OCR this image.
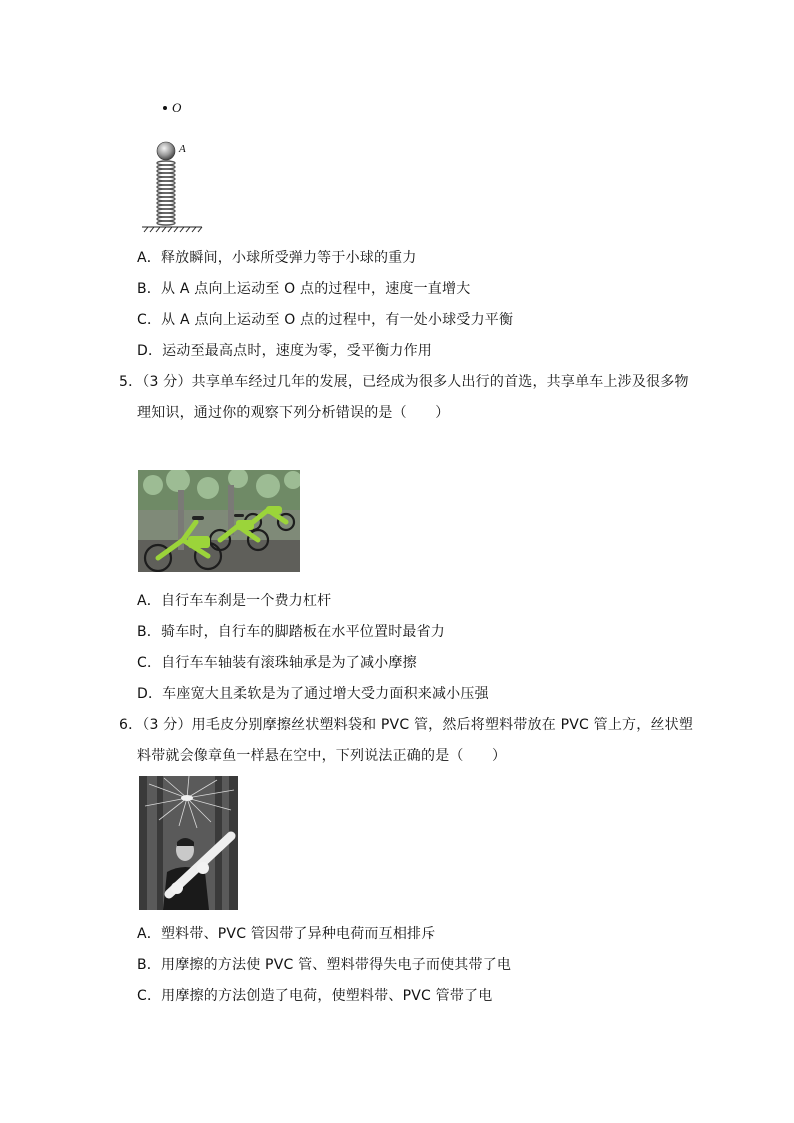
O
A
A．释放瞬间，小球所受弹力等于小球的重力
B．从 A 点向上运动至 O 点的过程中，速度一直增大
C．从 A 点向上运动至 O 点的过程中，有一处小球受力平衡
D．运动至最高点时，速度为零，受平衡力作用
5．（3 分）共享单车经过几年的发展，已经成为很多人出行的首选，共享单车上涉及很多物
理知识，通过你的观察下列分析错误的是（　　）
A．自行车车刹是一个费力杠杆
B．骑车时，自行车的脚踏板在水平位置时最省力
C．自行车车轴装有滚珠轴承是为了减小摩擦
D．车座宽大且柔软是为了通过增大受力面积来减小压强
6．（3 分）用毛皮分别摩擦丝状塑料袋和 PVC 管，然后将塑料带放在 PVC 管上方，丝状塑
料带就会像章鱼一样悬在空中，下列说法正确的是（　　）
A．塑料带、PVC 管因带了异种电荷而互相排斥
B．用摩擦的方法使 PVC 管、塑料带得失电子而使其带了电
C．用摩擦的方法创造了电荷，使塑料带、PVC 管带了电
